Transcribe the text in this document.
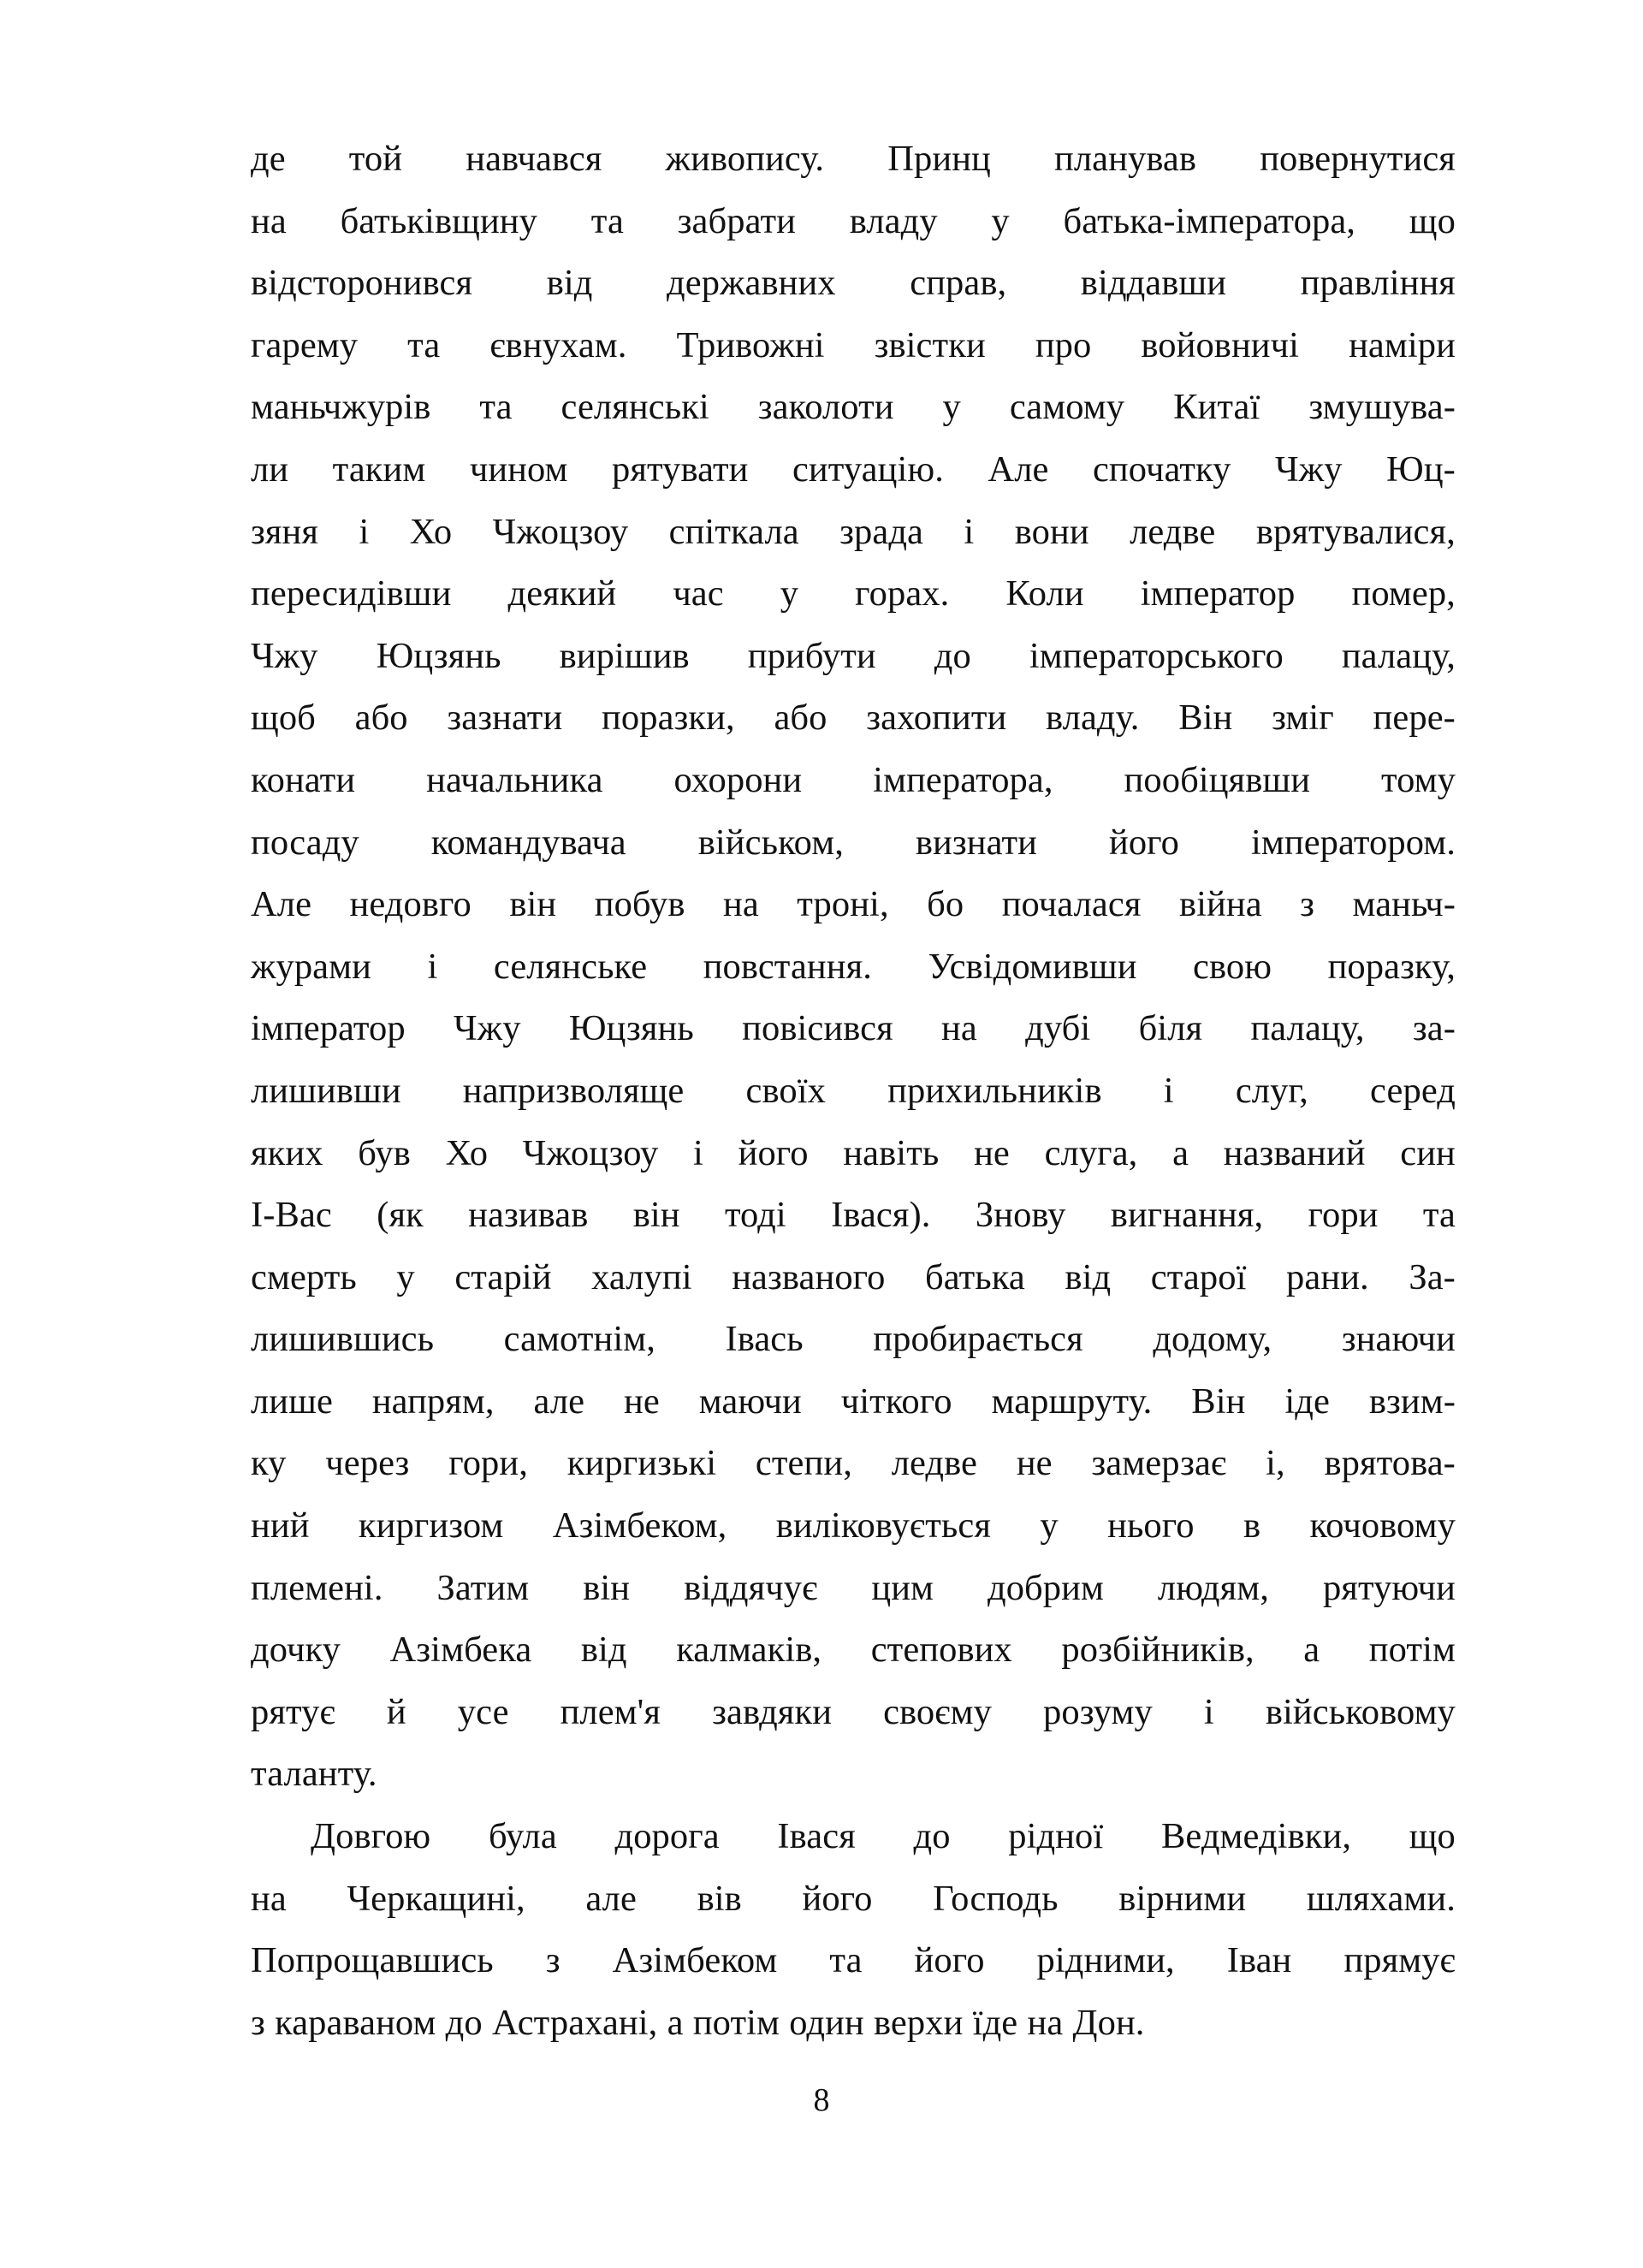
де той навчався живопису. Принц планував повернутися
на батьківщину та забрати владу у батька-імператора, що
відсторонився від державних справ, віддавши правління
гарему та євнухам. Тривожні звістки про войовничі наміри
маньчжурів та селянські заколоти у самому Китаї змушува-
ли таким чином рятувати ситуацію. Але спочатку Чжу Юц-
зяня і Хо Чжоцзоу спіткала зрада і вони ледве врятувалися,
пересидівши деякий час у горах. Коли імператор помер,
Чжу Юцзянь вирішив прибути до імператорського палацу,
щоб або зазнати поразки, або захопити владу. Він зміг пере-
конати начальника охорони імператора, пообіцявши тому
посаду командувача військом, визнати його імператором.
Але недовго він побув на троні, бо почалася війна з маньч-
журами і селянське повстання. Усвідомивши свою поразку,
імператор Чжу Юцзянь повісився на дубі біля палацу, за-
лишивши напризволяще своїх прихильників і слуг, серед
яких був Хо Чжоцзоу і його навіть не слуга, а названий син
І-Вас (як називав він тоді Івася). Знову вигнання, гори та
смерть у старій халупі названого батька від старої рани. За-
лишившись самотнім, Івась пробирається додому, знаючи
лише напрям, але не маючи чіткого маршруту. Він іде взим-
ку через гори, киргизькі степи, ледве не замерзає і, врятова-
ний киргизом Азімбеком, виліковується у нього в кочовому
племені. Затим він віддячує цим добрим людям, рятуючи
дочку Азімбека від калмаків, степових розбійників, а потім
рятує й усе плем'я завдяки своєму розуму і військовому
таланту.
Довгою була дорога Івася до рідної Ведмедівки, що
на Черкащині, але вів його Господь вірними шляхами.
Попрощавшись з Азімбеком та його рідними, Іван прямує
з караваном до Астрахані, а потім один верхи їде на Дон.
8
